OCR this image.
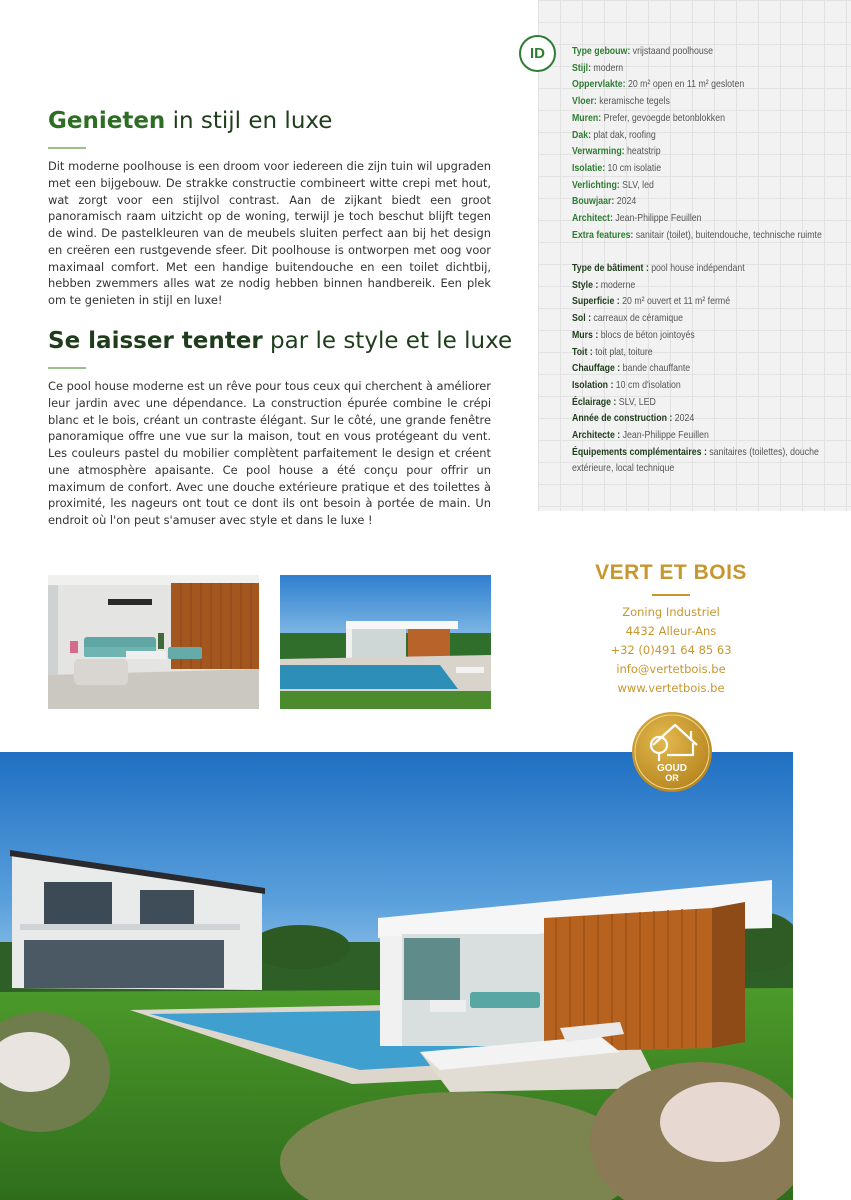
Genieten in stijl en luxe

Dit moderne poolhouse is een droom voor iedereen die zijn tuin wil upgraden met een bijgebouw. De strakke constructie combineert witte crepi met hout, wat zorgt voor een stijlvol contrast. Aan de zijkant biedt een groot panoramisch raam uitzicht op de woning, terwijl je toch beschut blijft tegen de wind. De pastelkleuren van de meubels sluiten perfect aan bij het design en creëren een rustgevende sfeer. Dit poolhouse is ontworpen met oog voor maximaal comfort. Met een handige buitendouche en een toilet dichtbij, hebben zwemmers alles wat ze nodig hebben binnen handbereik. Een plek om te genieten in stijl en luxe!

Se laisser tenter par le style et le luxe

Ce pool house moderne est un rêve pour tous ceux qui cherchent à améliorer leur jardin avec une dépendance. La construction épurée combine le crépi blanc et le bois, créant un contraste élégant. Sur le côté, une grande fenêtre panoramique offre une vue sur la maison, tout en vous protégeant du vent. Les couleurs pastel du mobilier complètent parfaitement le design et créent une atmosphère apaisante. Ce pool house a été conçu pour offrir un maximum de confort. Avec une douche extérieure pratique et des toilettes à proximité, les nageurs ont tout ce dont ils ont besoin à portée de main. Un endroit où l'on peut s'amuser avec style et dans le luxe !

ID	Type gebouw: vrijstaand poolhouse
Stijl: modern
Oppervlakte: 20 m² open en 11 m² gesloten
Vloer: keramische tegels
Muren: Prefer, gevoegde betonblokken
Dak: plat dak, roofing
Verwarming: heatstrip
Isolatie: 10 cm isolatie
Verlichting: SLV, led
Bouwjaar: 2024
Architect: Jean-Philippe Feuillen
Extra features: sanitair (toilet), buitendouche, technische ruimte
Type de bâtiment : pool house indépendant
Style : moderne
Superficie : 20 m² ouvert et 11 m² fermé
Sol : carreaux de céramique
Murs : blocs de béton jointoyés
Toit : toit plat, toiture
Chauffage : bande chauffante
Isolation : 10 cm d'isolation
Éclairage : SLV, LED
Année de construction : 2024
Architecte : Jean-Philippe Feuillen
Équipements complémentaires : sanitaires (toilettes), douche extérieure, local technique
VERT ET BOIS
Zoning Industriel
4432 Alleur-Ans
+32 (0)491 64 85 63
info@vertetbois.be
www.vertetbois.be
GOUD
OR
